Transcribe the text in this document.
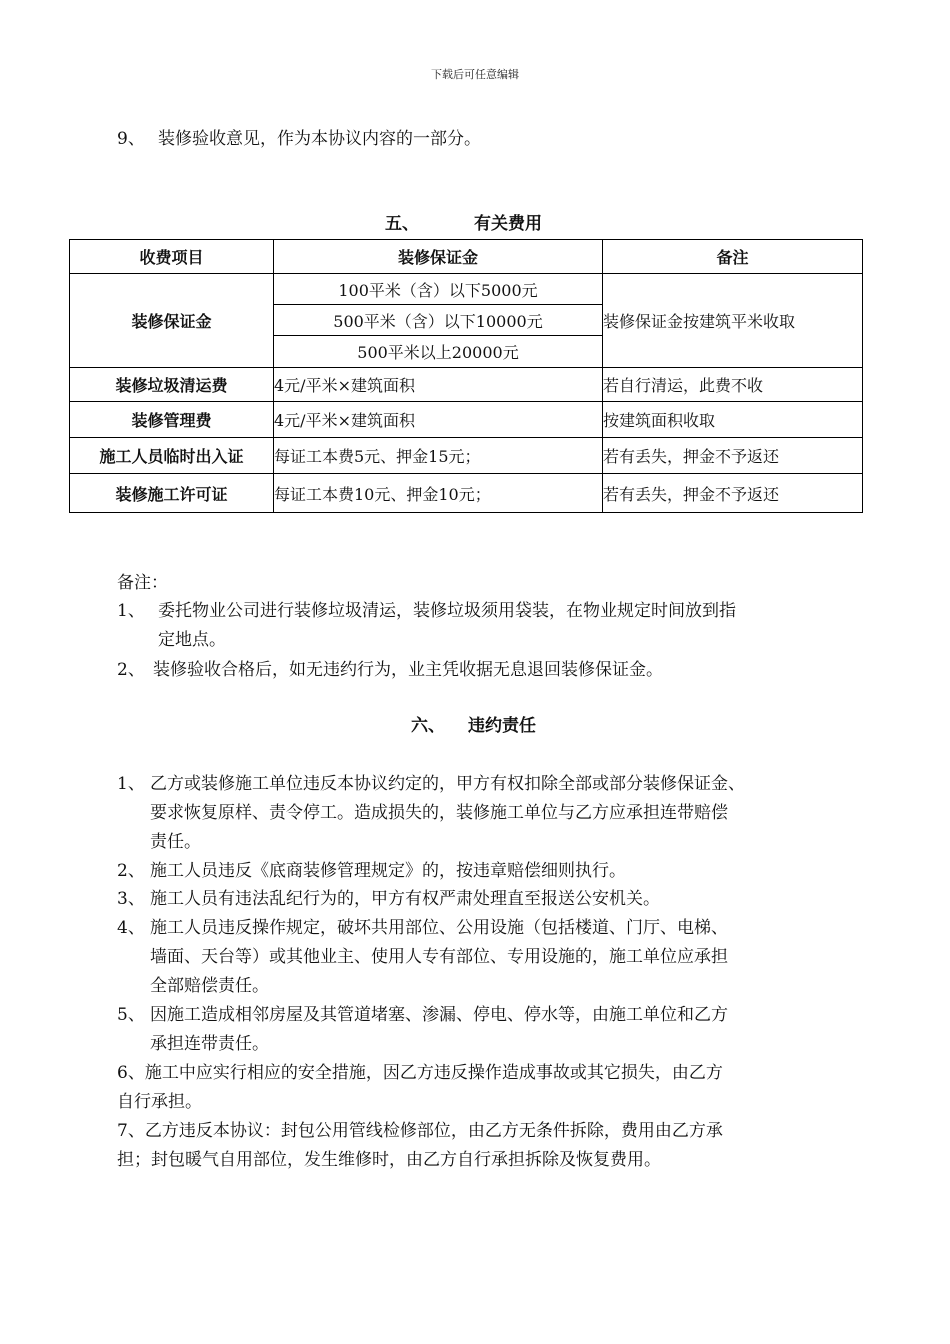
下载后可任意编辑
9、 装修验收意见，作为本协议内容的一部分。
五、	有关费用
收费项目	装修保证金	备注
装修保证金	100平米（含）以下5000元	装修保证金按建筑平米收取
	500平米（含）以下10000元	
	500平米以上20000元	
装修垃圾清运费	4元/平米×建筑面积	若自行清运，此费不收
装修管理费	4元/平米×建筑面积	按建筑面积收取
施工人员临时出入证	每证工本费5元、押金15元；	若有丢失，押金不予返还
装修施工许可证	每证工本费10元、押金10元；	若有丢失，押金不予返还
备注：
1、 委托物业公司进行装修垃圾清运，装修垃圾须用袋装，在物业规定时间放到指
定地点。
2、 装修验收合格后，如无违约行为，业主凭收据无息退回装修保证金。
六、 违约责任
1、 乙方或装修施工单位违反本协议约定的，甲方有权扣除全部或部分装修保证金、
要求恢复原样、责令停工。造成损失的，装修施工单位与乙方应承担连带赔偿
责任。
2、 施工人员违反《底商装修管理规定》的，按违章赔偿细则执行。
3、 施工人员有违法乱纪行为的，甲方有权严肃处理直至报送公安机关。
4、 施工人员违反操作规定，破坏共用部位、公用设施（包括楼道、门厅、电梯、
墙面、天台等）或其他业主、使用人专有部位、专用设施的，施工单位应承担
全部赔偿责任。
5、 因施工造成相邻房屋及其管道堵塞、渗漏、停电、停水等，由施工单位和乙方
承担连带责任。
6、施工中应实行相应的安全措施，因乙方违反操作造成事故或其它损失，由乙方
自行承担。
7、乙方违反本协议：封包公用管线检修部位，由乙方无条件拆除，费用由乙方承
担；封包暖气自用部位，发生维修时，由乙方自行承担拆除及恢复费用。
